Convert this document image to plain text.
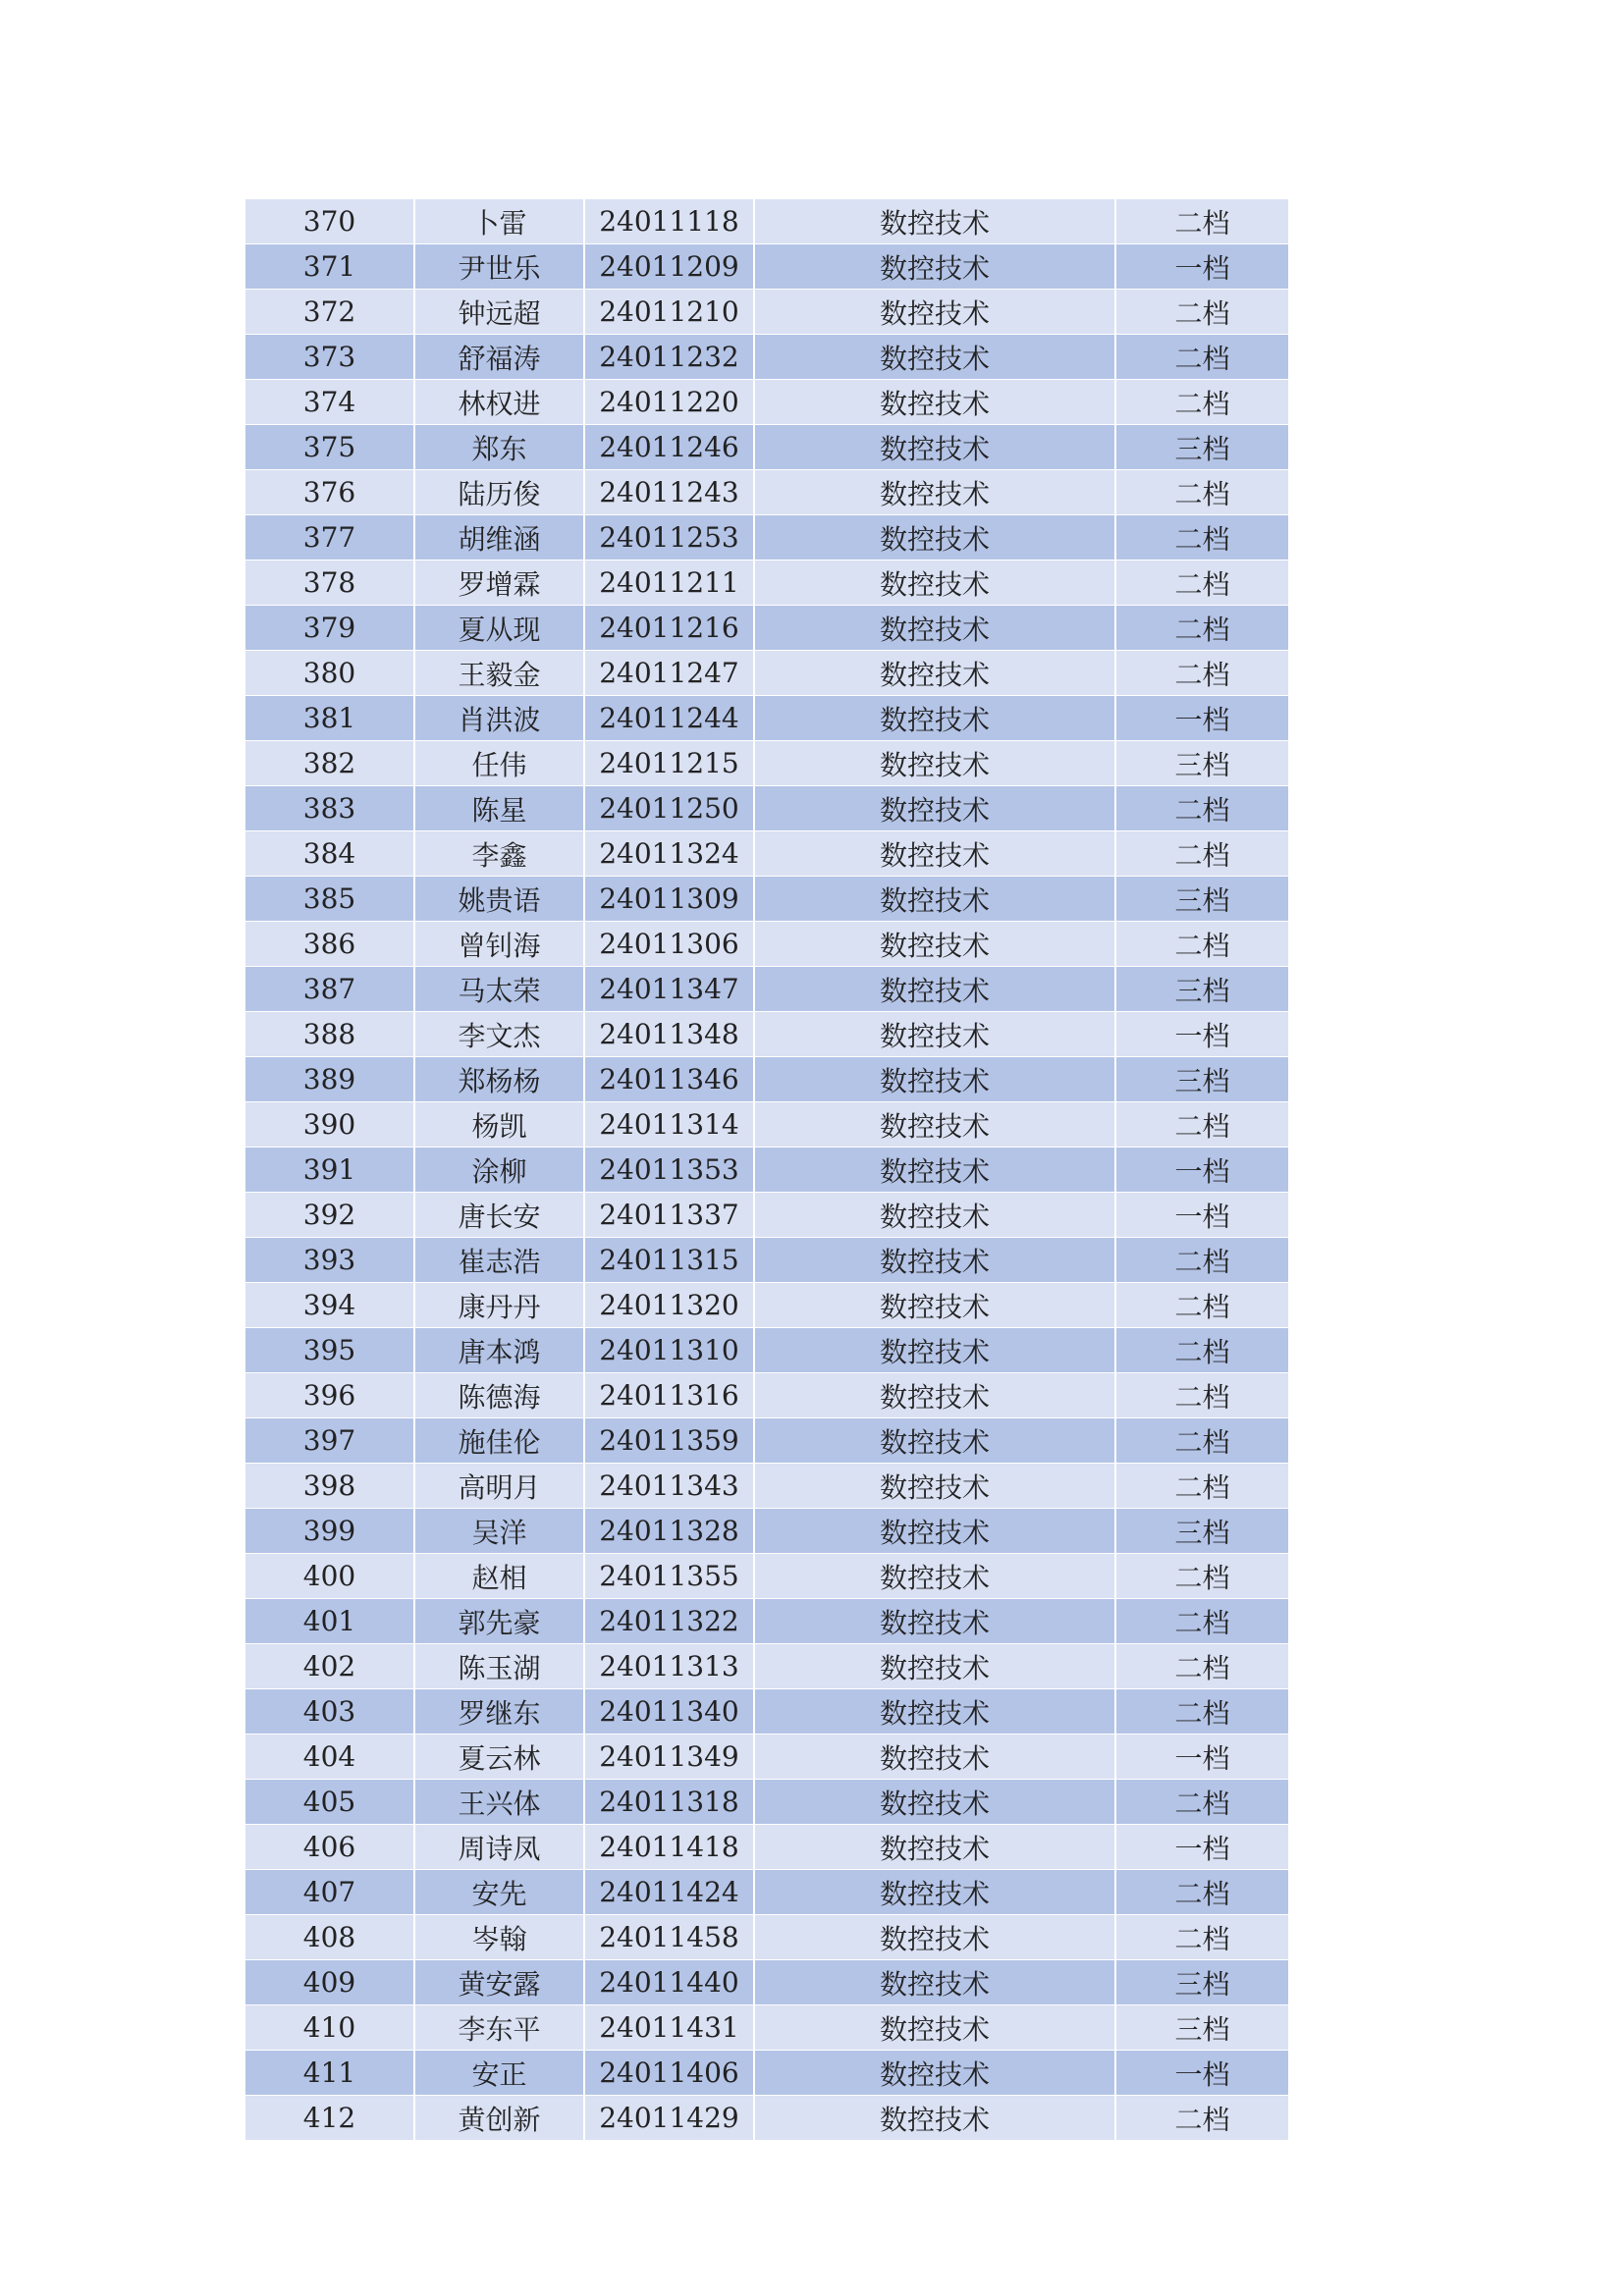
370	卜雷	24011118	数控技术	二档
371	尹世乐	24011209	数控技术	一档
372	钟远超	24011210	数控技术	二档
373	舒福涛	24011232	数控技术	二档
374	林权进	24011220	数控技术	二档
375	郑东	24011246	数控技术	三档
376	陆历俊	24011243	数控技术	二档
377	胡维涵	24011253	数控技术	二档
378	罗增霖	24011211	数控技术	二档
379	夏从现	24011216	数控技术	二档
380	王毅金	24011247	数控技术	二档
381	肖洪波	24011244	数控技术	一档
382	任伟	24011215	数控技术	三档
383	陈星	24011250	数控技术	二档
384	李鑫	24011324	数控技术	二档
385	姚贵语	24011309	数控技术	三档
386	曾钊海	24011306	数控技术	二档
387	马太荣	24011347	数控技术	三档
388	李文杰	24011348	数控技术	一档
389	郑杨杨	24011346	数控技术	三档
390	杨凯	24011314	数控技术	二档
391	涂柳	24011353	数控技术	一档
392	唐长安	24011337	数控技术	一档
393	崔志浩	24011315	数控技术	二档
394	康丹丹	24011320	数控技术	二档
395	唐本鸿	24011310	数控技术	二档
396	陈德海	24011316	数控技术	二档
397	施佳伦	24011359	数控技术	二档
398	高明月	24011343	数控技术	二档
399	吴洋	24011328	数控技术	三档
400	赵相	24011355	数控技术	二档
401	郭先豪	24011322	数控技术	二档
402	陈玉湖	24011313	数控技术	二档
403	罗继东	24011340	数控技术	二档
404	夏云林	24011349	数控技术	一档
405	王兴体	24011318	数控技术	二档
406	周诗凤	24011418	数控技术	一档
407	安先	24011424	数控技术	二档
408	岑翰	24011458	数控技术	二档
409	黄安露	24011440	数控技术	三档
410	李东平	24011431	数控技术	三档
411	安正	24011406	数控技术	一档
412	黄创新	24011429	数控技术	二档
